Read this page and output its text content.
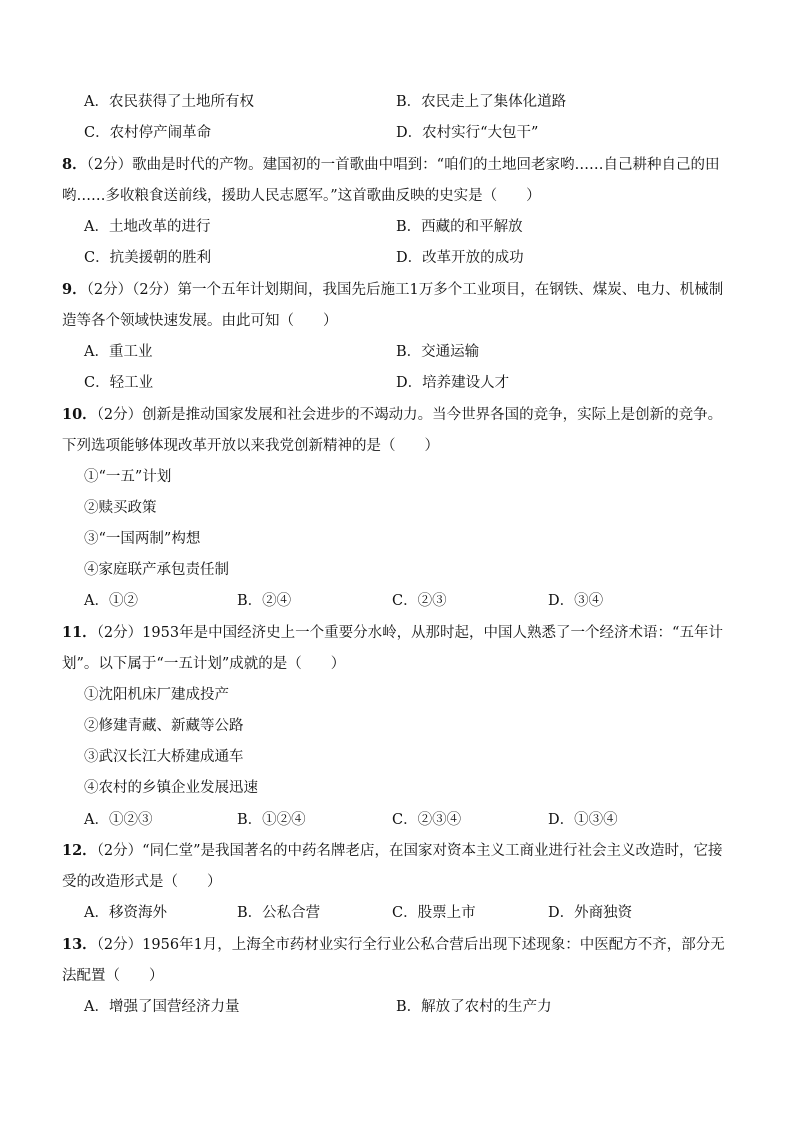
A．农民获得了土地所有权	B．农民走上了集体化道路
C．农村停产闹革命	D．农村实行“大包干”
8．（2分）歌曲是时代的产物。建国初的一首歌曲中唱到：“咱们的土地回老家哟……自己耕种自己的田
哟……多收粮食送前线，援助人民志愿军。”这首歌曲反映的史实是（　　）
A．土地改革的进行	B．西藏的和平解放
C．抗美援朝的胜利	D．改革开放的成功
9．（2分）（2分）第一个五年计划期间，我国先后施工1万多个工业项目，在钢铁、煤炭、电力、机械制
造等各个领域快速发展。由此可知（　　）
A．重工业	B．交通运输
C．轻工业	D．培养建设人才
10．（2分）创新是推动国家发展和社会进步的不竭动力。当今世界各国的竞争，实际上是创新的竞争。
下列选项能够体现改革开放以来我党创新精神的是（　　）
①“一五”计划
②赎买政策
③“一国两制”构想
④家庭联产承包责任制
A．①②	B．②④	C．②③	D．③④
11．（2分）1953年是中国经济史上一个重要分水岭，从那时起，中国人熟悉了一个经济术语：“五年计
划”。以下属于“一五计划”成就的是（　　）
①沈阳机床厂建成投产
②修建青藏、新藏等公路
③武汉长江大桥建成通车
④农村的乡镇企业发展迅速
A．①②③	B．①②④	C．②③④	D．①③④
12．（2分）“同仁堂”是我国著名的中药名牌老店，在国家对资本主义工商业进行社会主义改造时，它接
受的改造形式是（　　）
A．移资海外	B．公私合营	C．股票上市	D．外商独资
13．（2分）1956年1月，上海全市药材业实行全行业公私合营后出现下述现象：中医配方不齐，部分无
法配置（　　）
A．增强了国营经济力量	B．解放了农村的生产力
